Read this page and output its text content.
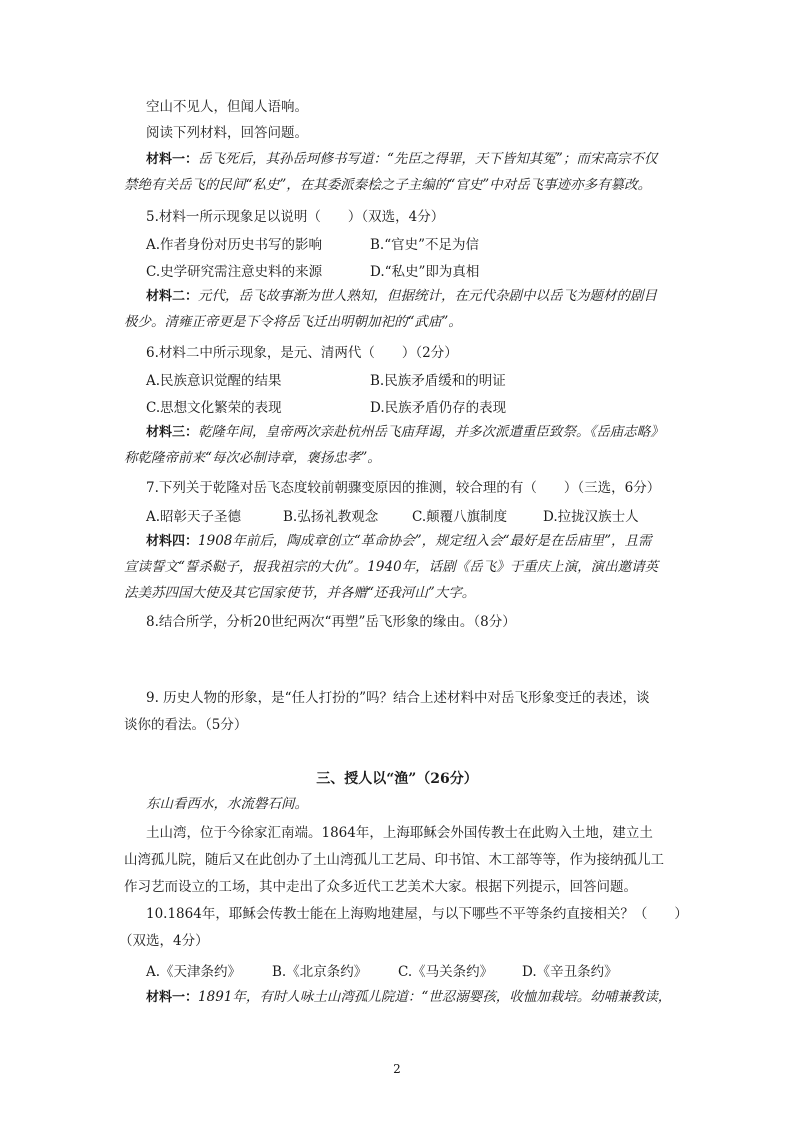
空山不见人，但闻人语响。
阅读下列材料，回答问题。
材料一：岳飞死后，其孙岳珂修书写道：“先臣之得罪，天下皆知其冤”；而宋高宗不仅
禁绝有关岳飞的民间“私史”，在其委派秦桧之子主编的“官史”中对岳飞事迹亦多有篡改。
5.材料一所示现象足以说明（　　）（双选，4分）
A.作者身份对历史书写的影响	B.“官史”不足为信
C.史学研究需注意史料的来源	D.“私史”即为真相
材料二：元代，岳飞故事渐为世人熟知，但据统计，在元代杂剧中以岳飞为题材的剧目
极少。清雍正帝更是下令将岳飞迁出明朝加祀的“武庙”。
6.材料二中所示现象，是元、清两代（　　）（2分）
A.民族意识觉醒的结果	B.民族矛盾缓和的明证
C.思想文化繁荣的表现	D.民族矛盾仍存的表现
材料三：乾隆年间，皇帝两次亲赴杭州岳飞庙拜谒，并多次派遣重臣致祭。《岳庙志略》
称乾隆帝前来“每次必制诗章，褒扬忠孝”。
7.下列关于乾隆对岳飞态度较前朝骤变原因的推测，较合理的有（　　）（三选，6分）
A.昭彰天子圣德	B.弘扬礼教观念	C.颠覆八旗制度	D.拉拢汉族士人
材料四：1908年前后，陶成章创立“革命协会”，规定纽入会“最好是在岳庙里”，且需
宣读誓文“誓杀鞑子，报我祖宗的大仇”。1940年，话剧《岳飞》于重庆上演，演出邀请英
法美苏四国大使及其它国家使节，并各赠“还我河山”大字。
8.结合所学，分析20世纪两次“再塑”岳飞形象的缘由。（8分）
9. 历史人物的形象，是“任人打扮的”吗？结合上述材料中对岳飞形象变迁的表述，谈
谈你的看法。（5分）
三、授人以“渔”（26分）
东山看西水，水流磐石间。
土山湾，位于今徐家汇南端。1864年，上海耶稣会外国传教士在此购入土地，建立土
山湾孤儿院，随后又在此创办了土山湾孤儿工艺局、印书馆、木工部等等，作为接纳孤儿工
作习艺而设立的工场，其中走出了众多近代工艺美术大家。根据下列提示，回答问题。
10.1864年，耶稣会传教士能在上海购地建屋，与以下哪些不平等条约直接相关？（　　）
（双选，4分）
A.《天津条约》 B.《北京条约》 C.《马关条约》 D.《辛丑条约》
材料一：1891年，有时人咏土山湾孤儿院道：“世忍溺婴孩，收恤加栽培。幼哺兼教读，
2
